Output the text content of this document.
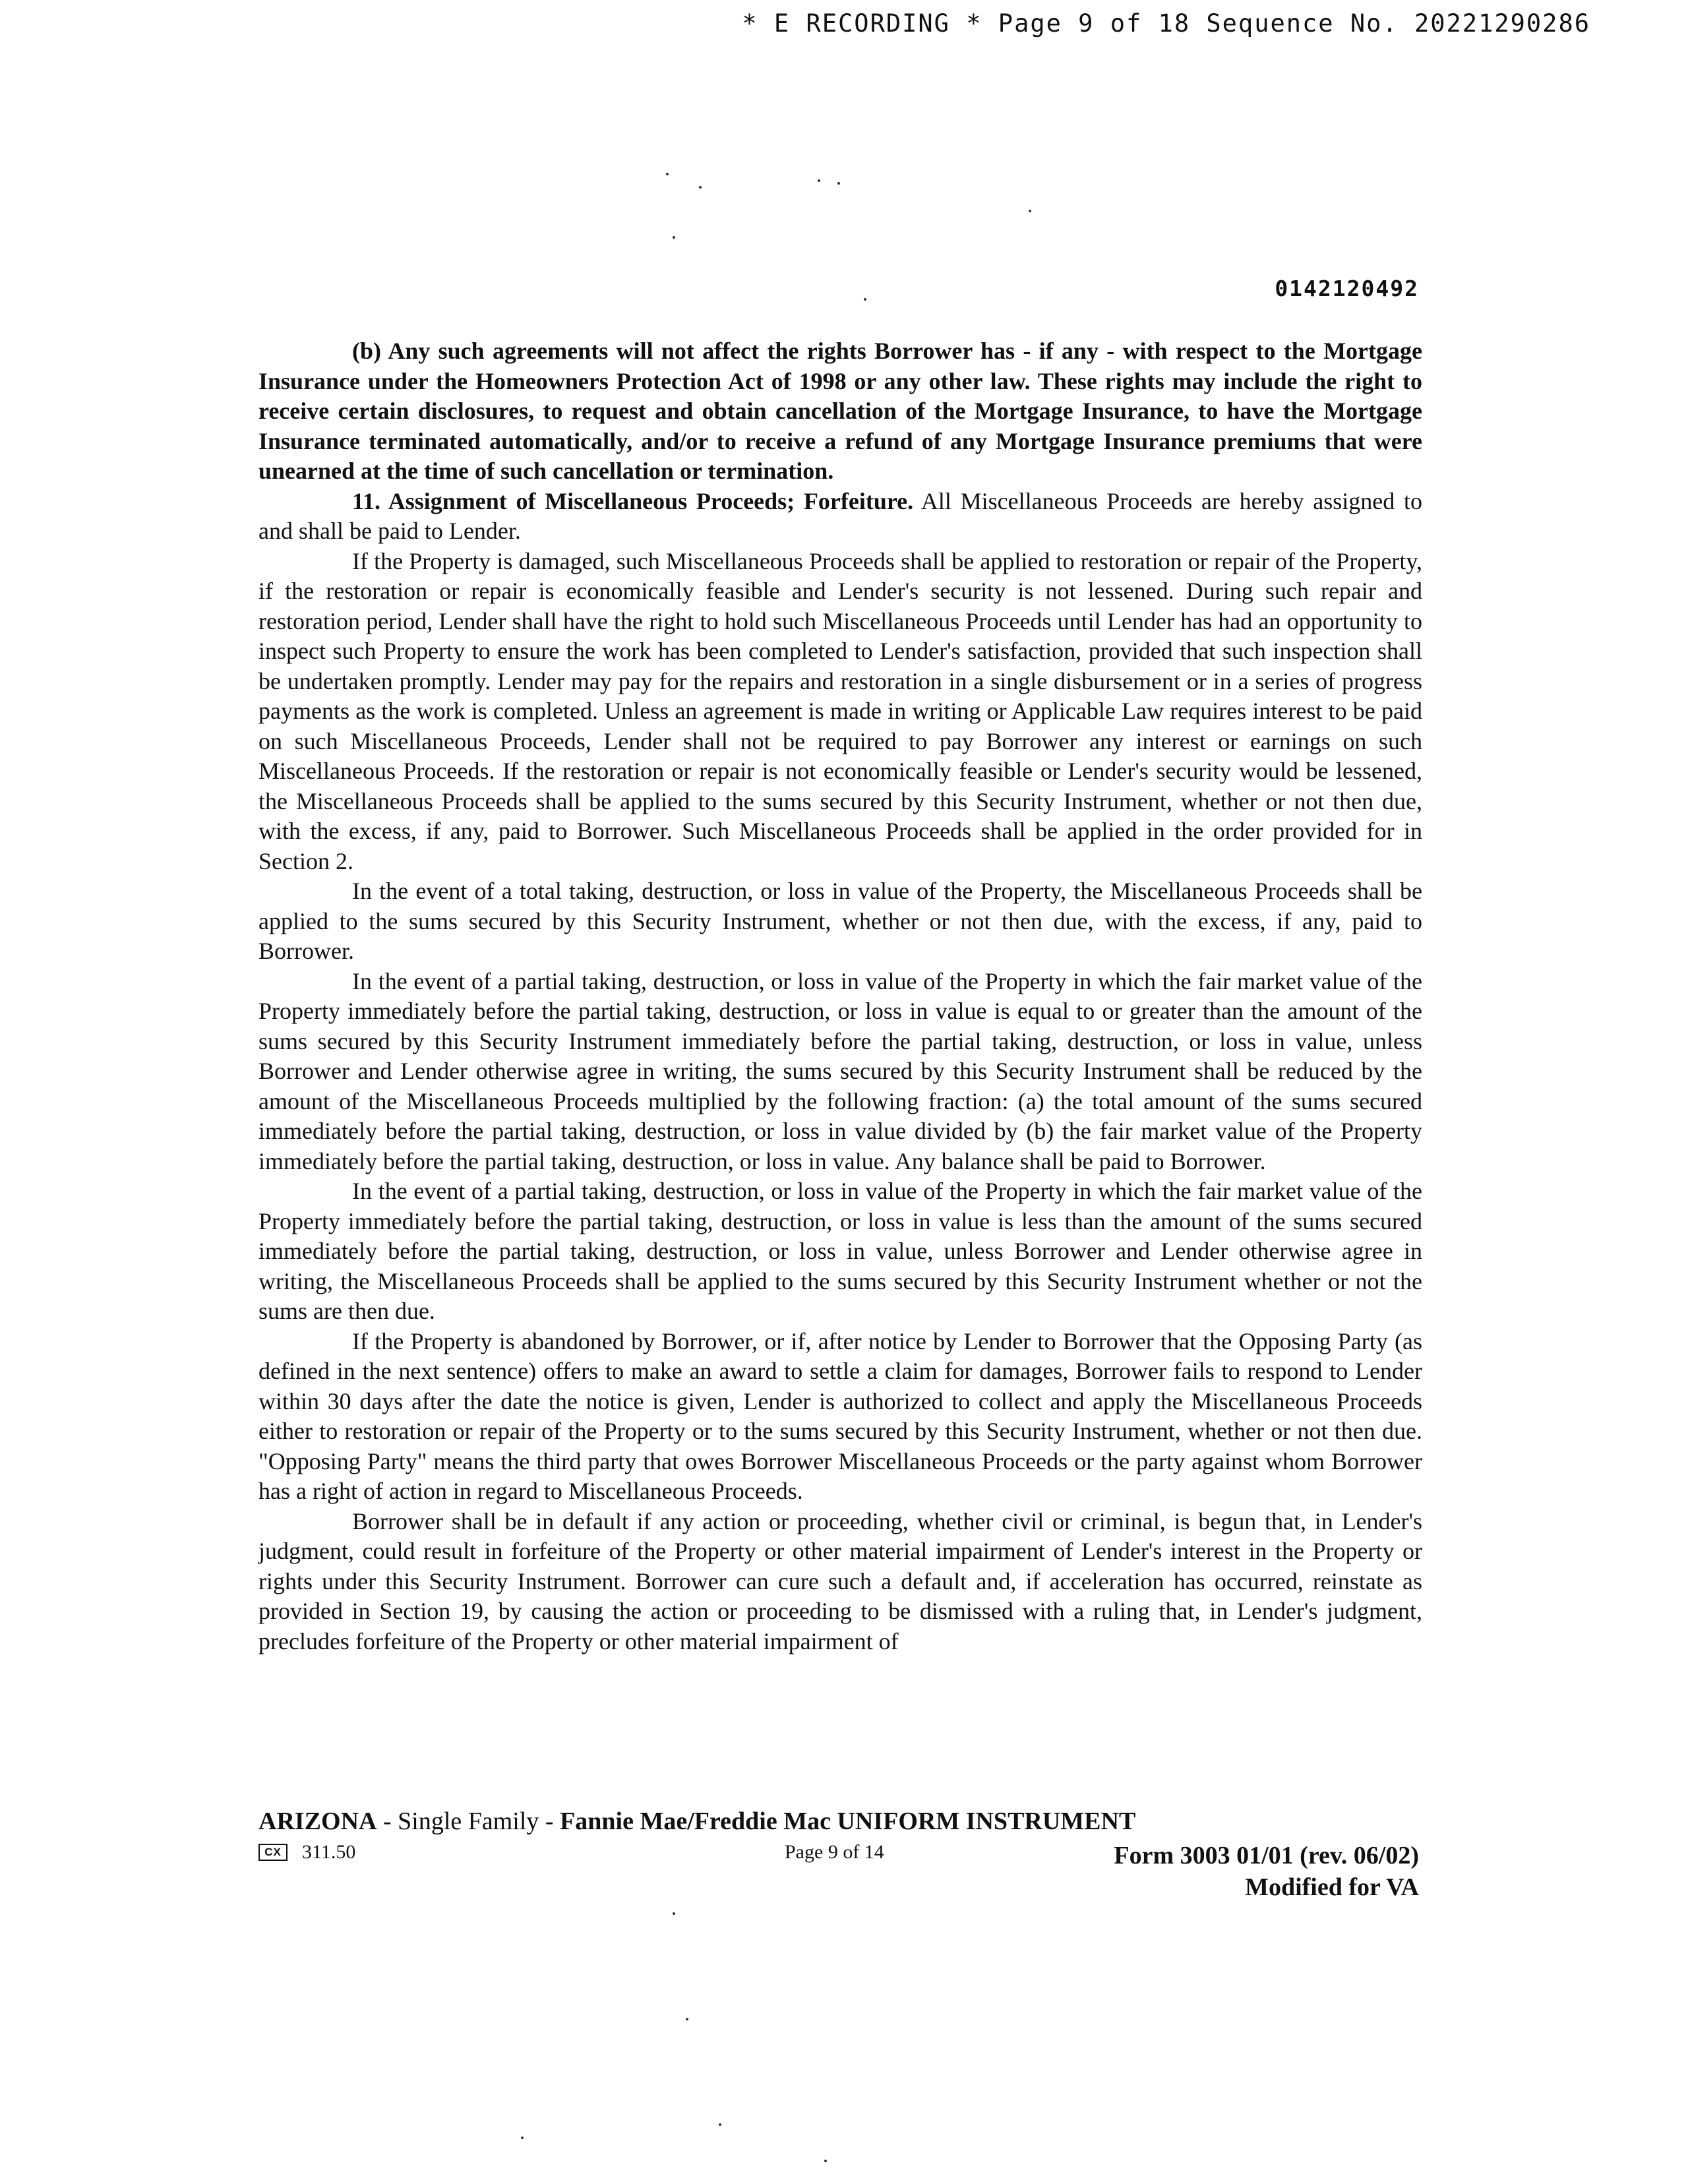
* E RECORDING * Page 9 of 18 Sequence No. 20221290286
0142120492

(b) Any such agreements will not affect the rights Borrower has - if any - with respect to the Mortgage Insurance under the Homeowners Protection Act of 1998 or any other law. These rights may include the right to receive certain disclosures, to request and obtain cancellation of the Mortgage Insurance, to have the Mortgage Insurance terminated automatically, and/or to receive a refund of any Mortgage Insurance premiums that were unearned at the time of such cancellation or termination.

11. Assignment of Miscellaneous Proceeds; Forfeiture. All Miscellaneous Proceeds are hereby assigned to and shall be paid to Lender.

If the Property is damaged, such Miscellaneous Proceeds shall be applied to restoration or repair of the Property, if the restoration or repair is economically feasible and Lender's security is not lessened. During such repair and restoration period, Lender shall have the right to hold such Miscellaneous Proceeds until Lender has had an opportunity to inspect such Property to ensure the work has been completed to Lender's satisfaction, provided that such inspection shall be undertaken promptly. Lender may pay for the repairs and restoration in a single disbursement or in a series of progress payments as the work is completed. Unless an agreement is made in writing or Applicable Law requires interest to be paid on such Miscellaneous Proceeds, Lender shall not be required to pay Borrower any interest or earnings on such Miscellaneous Proceeds. If the restoration or repair is not economically feasible or Lender's security would be lessened, the Miscellaneous Proceeds shall be applied to the sums secured by this Security Instrument, whether or not then due, with the excess, if any, paid to Borrower. Such Miscellaneous Proceeds shall be applied in the order provided for in Section 2.

In the event of a total taking, destruction, or loss in value of the Property, the Miscellaneous Proceeds shall be applied to the sums secured by this Security Instrument, whether or not then due, with the excess, if any, paid to Borrower.

In the event of a partial taking, destruction, or loss in value of the Property in which the fair market value of the Property immediately before the partial taking, destruction, or loss in value is equal to or greater than the amount of the sums secured by this Security Instrument immediately before the partial taking, destruction, or loss in value, unless Borrower and Lender otherwise agree in writing, the sums secured by this Security Instrument shall be reduced by the amount of the Miscellaneous Proceeds multiplied by the following fraction: (a) the total amount of the sums secured immediately before the partial taking, destruction, or loss in value divided by (b) the fair market value of the Property immediately before the partial taking, destruction, or loss in value. Any balance shall be paid to Borrower.

In the event of a partial taking, destruction, or loss in value of the Property in which the fair market value of the Property immediately before the partial taking, destruction, or loss in value is less than the amount of the sums secured immediately before the partial taking, destruction, or loss in value, unless Borrower and Lender otherwise agree in writing, the Miscellaneous Proceeds shall be applied to the sums secured by this Security Instrument whether or not the sums are then due.

If the Property is abandoned by Borrower, or if, after notice by Lender to Borrower that the Opposing Party (as defined in the next sentence) offers to make an award to settle a claim for damages, Borrower fails to respond to Lender within 30 days after the date the notice is given, Lender is authorized to collect and apply the Miscellaneous Proceeds either to restoration or repair of the Property or to the sums secured by this Security Instrument, whether or not then due. "Opposing Party" means the third party that owes Borrower Miscellaneous Proceeds or the party against whom Borrower has a right of action in regard to Miscellaneous Proceeds.

Borrower shall be in default if any action or proceeding, whether civil or criminal, is begun that, in Lender's judgment, could result in forfeiture of the Property or other material impairment of Lender's interest in the Property or rights under this Security Instrument. Borrower can cure such a default and, if acceleration has occurred, reinstate as provided in Section 19, by causing the action or proceeding to be dismissed with a ruling that, in Lender's judgment, precludes forfeiture of the Property or other material impairment of

ARIZONA - Single Family - Fannie Mae/Freddie Mac UNIFORM INSTRUMENT
CX	311.50	Page 9 of 14	Form 3003 01/01 (rev. 06/02)
Modified for VA
